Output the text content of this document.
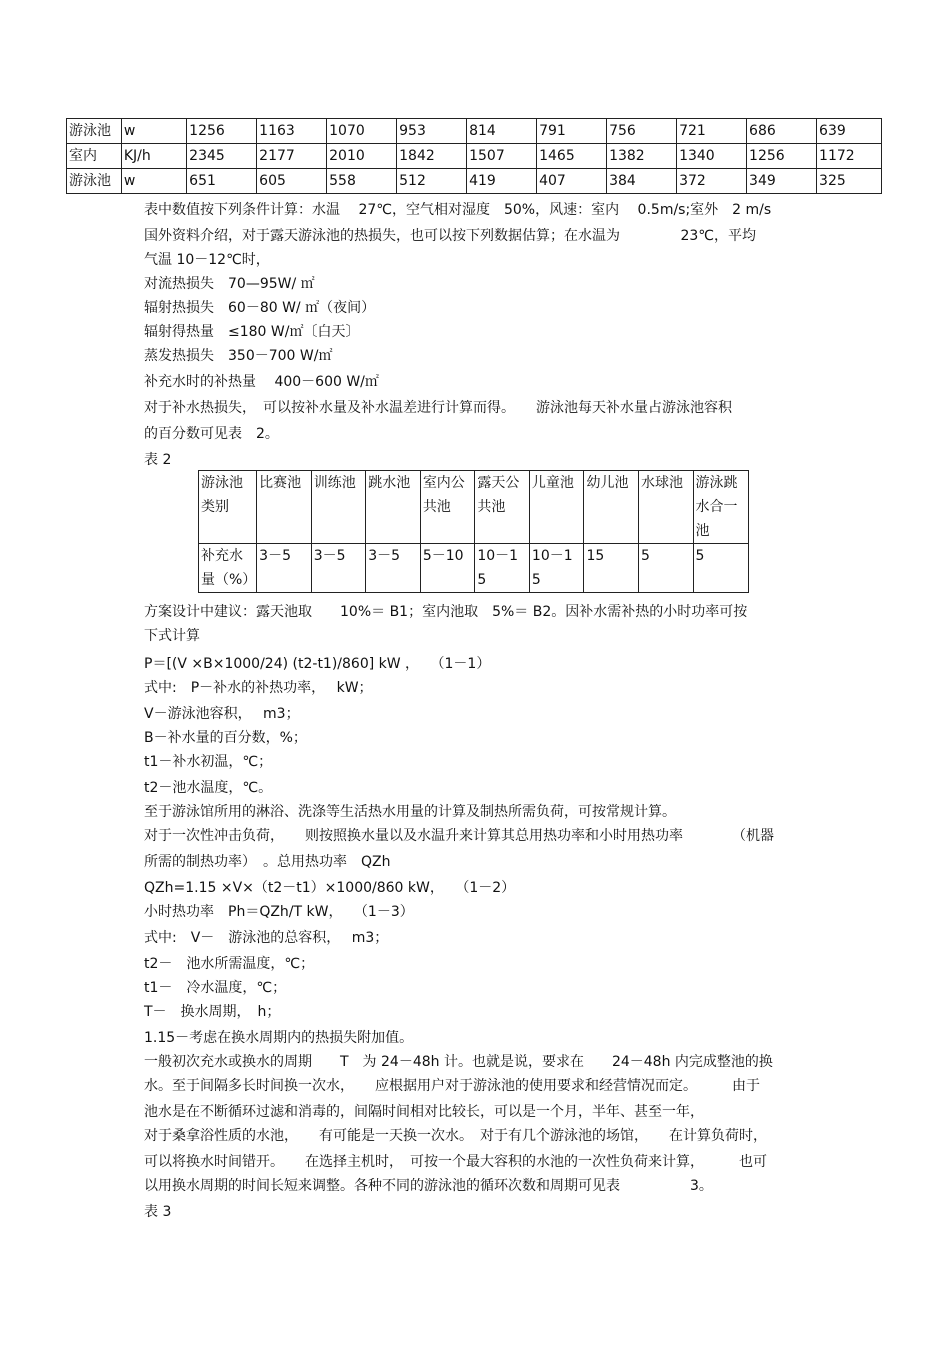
游泳池	w	1256	1163	1070	953	814	791	756	721	686	639
室内	KJ/h	2345	2177	2010	1842	1507	1465	1382	1340	1256	1172
游泳池	w	651	605	558	512	419	407	384	372	349	325
表中数值按下列条件计算：水温　 27℃，空气相对湿度　50%，风速：室内　 0.5m/s;室外　2 m/s
国外资料介绍，对于露天游泳池的热损失，也可以按下列数据估算；在水温为　　　　 23℃，平均
气温 10－12℃时，
对流热损失　70—95W/ ㎡
辐射热损失　60－80 W/ ㎡（夜间）
辐射得热量　≤180 W/㎡〔白天〕
蒸发热损失　350－700 W/㎡
补充水时的补热量　 400－600 W/㎡
对于补水热损失，　可以按补水量及补水温差进行计算而得。　　游泳池每天补水量占游泳池容积
的百分数可见表　2。
表 2
游泳池类别	比赛池	训练池	跳水池	室内公共池	露天公共池	儿童池	幼儿池	水球池	游泳跳水合一池
补充水量（%）	3－5	3－5	3－5	5－10	10－15	10－15	15	5	5
方案设计中建议：露天池取　　10%＝ B1；室内池取　5%＝ B2。因补水需补热的小时功率可按
下式计算
P＝[(V ×B×1000/24) (t2-t1)/860] kW ，　 （1－1）
式中:　P－补水的补热功率，　 kW；
V－游泳池容积，　 m3；
B－补水量的百分数，%；
t1－补水初温，℃；
t2－池水温度，℃。
至于游泳馆所用的淋浴、洗涤等生活热水用量的计算及制热所需负荷，可按常规计算。
对于一次性冲击负荷，　　则按照换水量以及水温升来计算其总用热功率和小时用热功率　　　　（机器
所需的制热功率）　。总用热功率　QZh
QZh=1.15 ×V×（t2－t1）×1000/860 kW，　 （1－2）
小时热功率　Ph＝QZh/T kW，　 （1－3）
式中:　V－　游泳池的总容积，　 m3；
t2－　池水所需温度，℃；
t1－　冷水温度，℃；
T－　换水周期，　h；
1.15－考虑在换水周期内的热损失附加值。
一般初次充水或换水的周期　　T　为 24－48h 计。也就是说，要求在　　24－48h 内完成整池的换
水。至于间隔多长时间换一次水，　　应根据用户对于游泳池的使用要求和经营情况而定。　　　由于
池水是在不断循环过滤和消毒的，间隔时间相对比较长，可以是一个月，半年、甚至一年，
对于桑拿浴性质的水池，　　有可能是一天换一次水。　对于有几个游泳池的场馆，　　在计算负荷时，
可以将换水时间错开。　　在选择主机时，　可按一个最大容积的水池的一次性负荷来计算，　　　也可
以用换水周期的时间长短来调整。各种不同的游泳池的循环次数和周期可见表　　　　　3。
表 3
